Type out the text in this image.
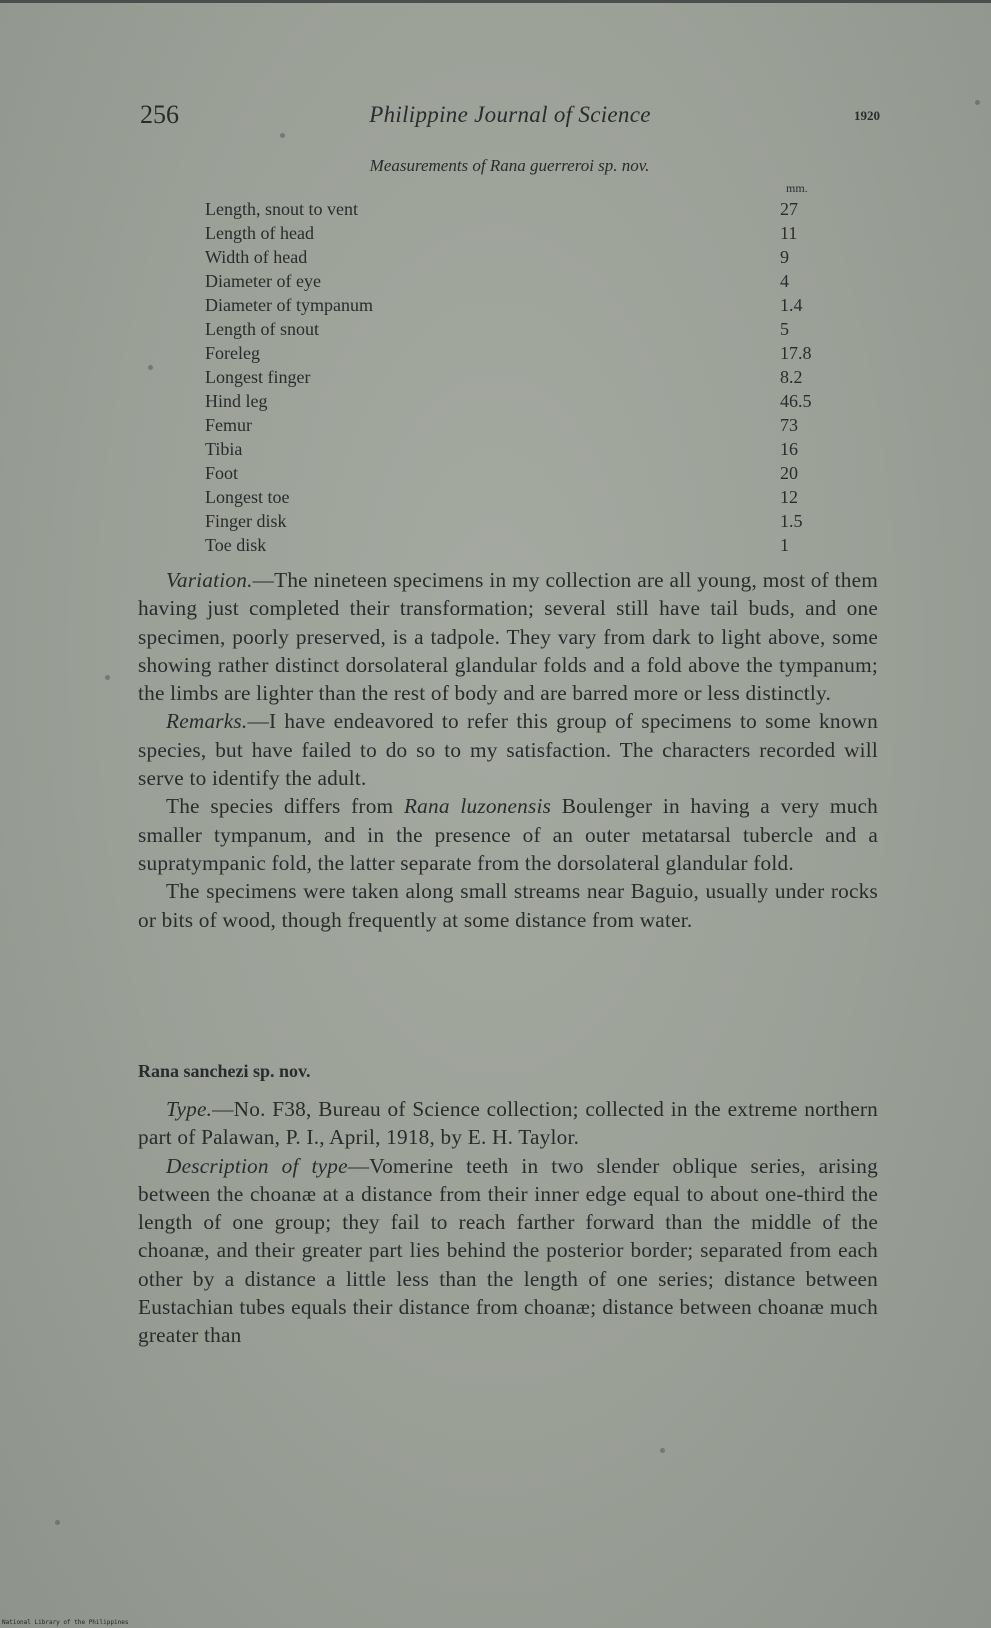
256	Philippine Journal of Science	1920
Measurements of Rana guerreroi sp. nov.
mm.
Length, snout to vent	27
Length of head	11
Width of head	9
Diameter of eye	4
Diameter of tympanum	1.4
Length of snout	5
Foreleg	17.8
Longest finger	8.2
Hind leg	46.5
Femur	73
Tibia	16
Foot	20
Longest toe	12
Finger disk	1.5
Toe disk	1

Variation.—The nineteen specimens in my collection are all young, most of them having just completed their transformation; several still have tail buds, and one specimen, poorly preserved, is a tadpole. They vary from dark to light above, some showing rather distinct dorsolateral glandular folds and a fold above the tympanum; the limbs are lighter than the rest of body and are barred more or less distinctly.

Remarks.—I have endeavored to refer this group of specimens to some known species, but have failed to do so to my satisfaction. The characters recorded will serve to identify the adult.

The species differs from Rana luzonensis Boulenger in having a very much smaller tympanum, and in the presence of an outer metatarsal tubercle and a supratympanic fold, the latter separate from the dorsolateral glandular fold.

The specimens were taken along small streams near Baguio, usually under rocks or bits of wood, though frequently at some distance from water.

Rana sanchezi sp. nov.

Type.—No. F38, Bureau of Science collection; collected in the extreme northern part of Palawan, P. I., April, 1918, by E. H. Taylor.

Description of type—Vomerine teeth in two slender oblique series, arising between the choanæ at a distance from their inner edge equal to about one-third the length of one group; they fail to reach farther forward than the middle of the choanæ, and their greater part lies behind the posterior border; separated from each other by a distance a little less than the length of one series; distance between Eustachian tubes equals their distance from choanæ; distance between choanæ much greater than

National Library of the Philippines
